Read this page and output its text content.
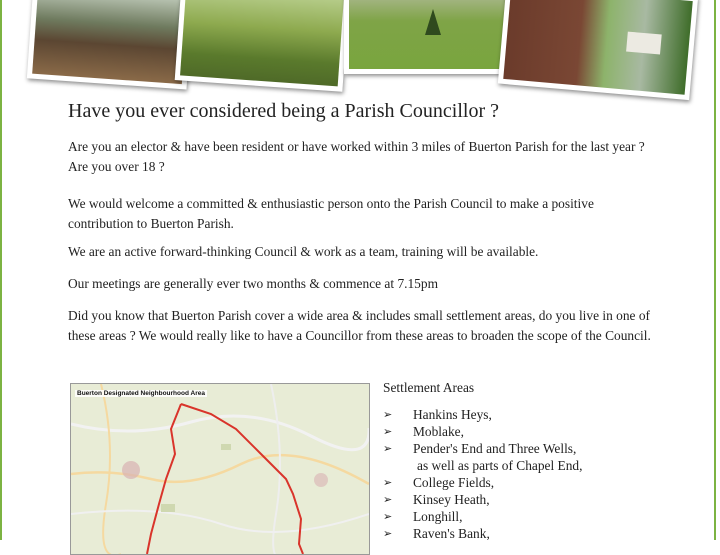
Have you ever considered being a Parish Councillor ?
Are you an elector & have been resident or have worked within 3 miles of Buerton Parish for the last year ? Are you over 18 ?
We would welcome a committed & enthusiastic person onto the Parish Council to make a positive contribution to Buerton Parish.
We are an active forward-thinking Council & work as a team, training will be available.
Our meetings are generally ever two months & commence at 7.15pm
Did you know that Buerton Parish cover a wide area & includes small settlement areas, do you live in one of these areas ? We would really like to have a Councillor from these areas to broaden the scope of the Council.
Buerton Designated Neighbourhood Area	Settlement Areas
➢ Hankins Heys,
➢ Moblake,
➢ Pender's End and Three Wells,
as well as parts of Chapel End,
➢ College Fields,
➢ Kinsey Heath,
➢ Longhill,
➢ Raven's Bank,
